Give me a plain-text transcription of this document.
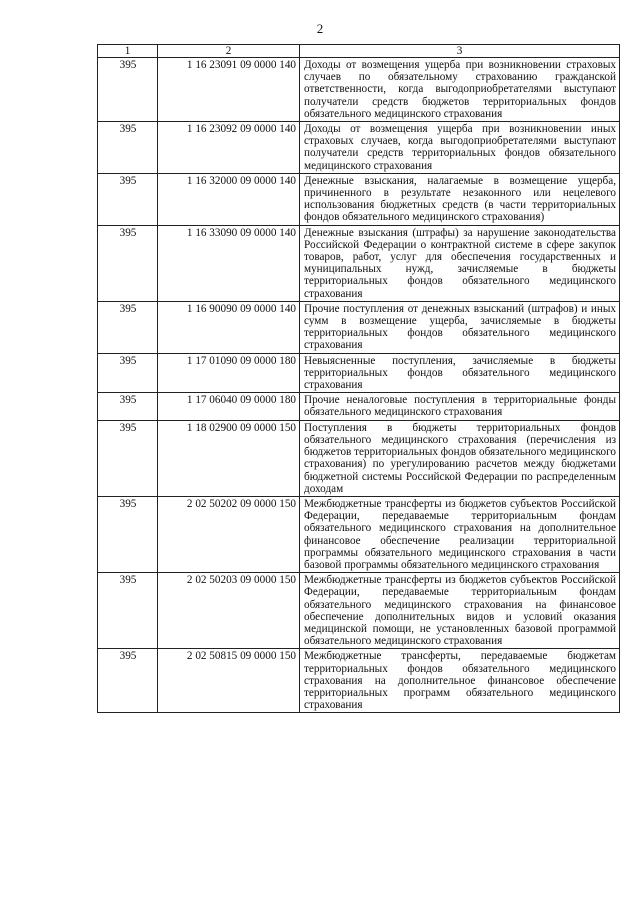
2
1	2	3
395	1 16 23091 09 0000 140	Доходы от возмещения ущерба при возникновении страховых случаев по обязательному страхованию гражданской ответственности, когда выгодоприобретателями выступают получатели средств бюджетов территориальных фондов обязательного медицинского страхования
395	1 16 23092 09 0000 140	Доходы от возмещения ущерба при возникновении иных страховых случаев, когда выгодоприобретателями выступают получатели средств территориальных фондов обязательного медицинского страхования
395	1 16 32000 09 0000 140	Денежные взыскания, налагаемые в возмещение ущерба, причиненного в результате незаконного или нецелевого использования бюджетных средств (в части территориальных фондов обязательного медицинского страхования)
395	1 16 33090 09 0000 140	Денежные взыскания (штрафы) за нарушение законодательства Российской Федерации о контрактной системе в сфере закупок товаров, работ, услуг для обеспечения государственных и муниципальных нужд, зачисляемые в бюджеты территориальных фондов обязательного медицинского страхования
395	1 16 90090 09 0000 140	Прочие поступления от денежных взысканий (штрафов) и иных сумм в возмещение ущерба, зачисляемые в бюджеты территориальных фондов обязательного медицинского страхования
395	1 17 01090 09 0000 180	Невыясненные поступления, зачисляемые в бюджеты территориальных фондов обязательного медицинского страхования
395	1 17 06040 09 0000 180	Прочие неналоговые поступления в территориальные фонды обязательного медицинского страхования
395	1 18 02900 09 0000 150	Поступления в бюджеты территориальных фондов обязательного медицинского страхования (перечисления из бюджетов территориальных фондов обязательного медицинского страхования) по урегулированию расчетов между бюджетами бюджетной системы Российской Федерации по распределенным доходам
395	2 02 50202 09 0000 150	Межбюджетные трансферты из бюджетов субъектов Российской Федерации, передаваемые территориальным фондам обязательного медицинского страхования на дополнительное финансовое обеспечение реализации территориальной программы обязательного медицинского страхования в части базовой программы обязательного медицинского страхования
395	2 02 50203 09 0000 150	Межбюджетные трансферты из бюджетов субъектов Российской Федерации, передаваемые территориальным фондам обязательного медицинского страхования на финансовое обеспечение дополнительных видов и условий оказания медицинской помощи, не установленных базовой программой обязательного медицинского страхования
395	2 02 50815 09 0000 150	Межбюджетные трансферты, передаваемые бюджетам территориальных фондов обязательного медицинского страхования на дополнительное финансовое обеспечение территориальных программ обязательного медицинского страхования
